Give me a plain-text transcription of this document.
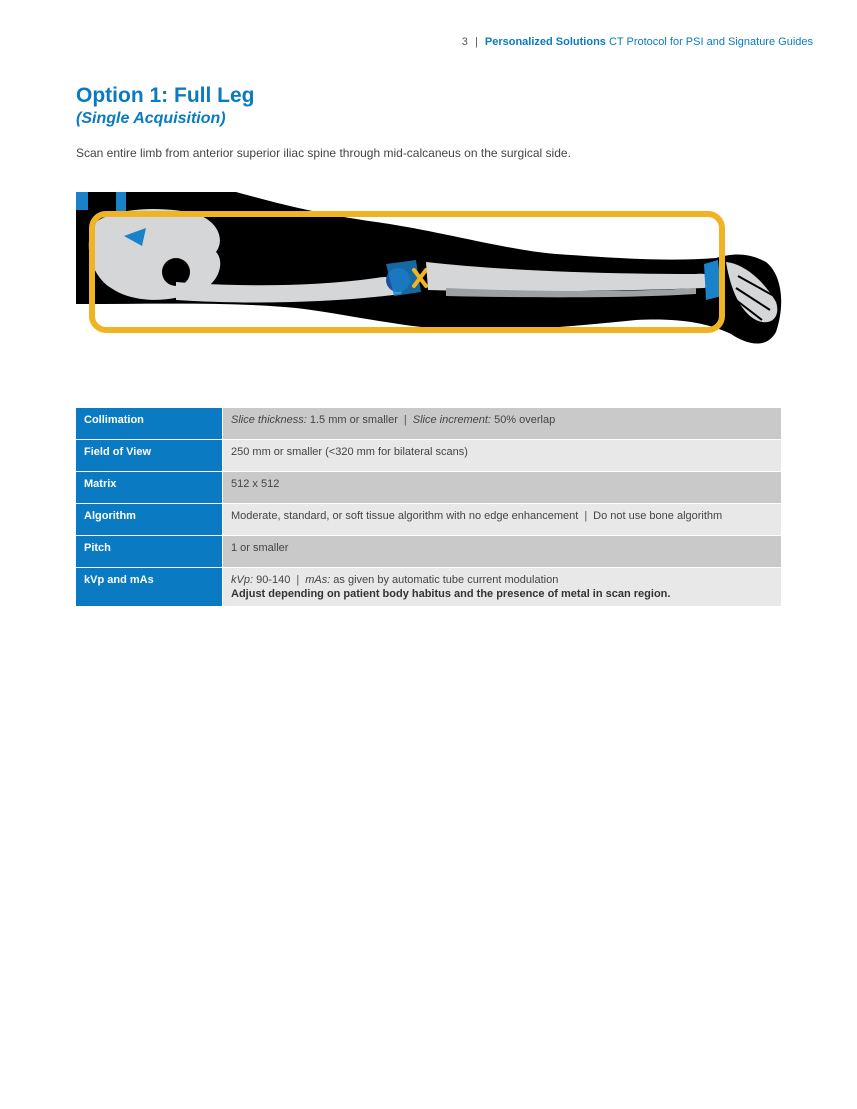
3 | Personalized Solutions CT Protocol for PSI and Signature Guides
Option 1: Full Leg
(Single Acquisition)

Scan entire limb from anterior superior iliac spine through mid-calcaneus on the surgical side.

Collimation	Slice thickness: 1.5 mm or smaller | Slice increment: 50% overlap
Field of View	250 mm or smaller (<320 mm for bilateral scans)
Matrix	512 x 512
Algorithm	Moderate, standard, or soft tissue algorithm with no edge enhancement | Do not use bone algorithm
Pitch	1 or smaller
kVp and mAs	kVp: 90-140 | mAs: as given by automatic tube current modulation
Adjust depending on patient body habitus and the presence of metal in scan region.
